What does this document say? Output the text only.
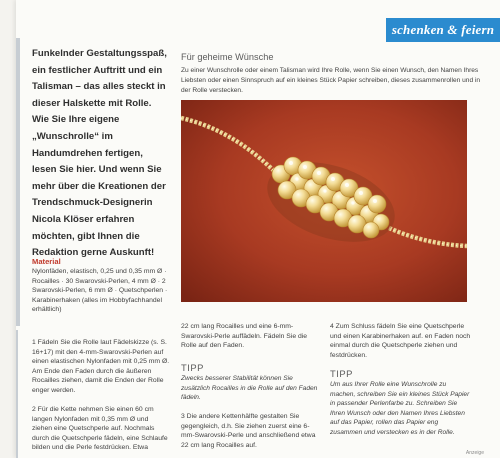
schenken & feiern
Funkelnder Gestaltungsspaß, ein festlicher Auftritt und ein Talisman – das alles steckt in dieser Halskette mit Rolle. Wie Sie Ihre eigene „Wunschrolle“ im Handumdrehen fertigen, lesen Sie hier. Und wenn Sie mehr über die Kreationen der Trendschmuck-Designerin Nicola Klöser erfahren möchten, gibt Ihnen die Redaktion gerne Auskunft!
Material
Nylonfäden, elastisch, 0,25 und 0,35 mm Ø · Rocailles · 30 Swarovski-Perlen, 4 mm Ø · 2 Swarovski-Perlen, 6 mm Ø · Quetschperlen · Karabinerhaken (alles im Hobbyfachhandel erhältlich)
1 Fädeln Sie die Rolle laut Fädelskizze (s. S. 16+17) mit den 4-mm-Swarovski-Perlen auf einen elastischen Nylonfaden mit 0,25 mm Ø. Am Ende den Faden durch die äußeren Rocailles ziehen, damit die Enden der Rolle enger werden.
2 Für die Kette nehmen Sie einen 60 cm langen Nylonfaden mit 0,35 mm Ø und ziehen eine Quetschperle auf. Nochmals durch die Quetschperle fädeln, eine Schlaufe bilden und die Perle festdrücken. Etwa
Für geheime Wünsche
Zu einer Wunschrolle oder einem Talisman wird Ihre Rolle, wenn Sie einen Wunsch, den Namen Ihres Liebsten oder einen Sinnspruch auf ein kleines Stück Papier schreiben, dieses zusammenrollen und in der Rolle verstecken.
22 cm lang Rocailles und eine 6-mm-Swarovski-Perle auffädeln. Fädeln Sie die Rolle auf den Faden.
TIPP
Zwecks besserer Stabilität können Sie zusätzlich Rocailles in die Rolle auf den Faden fädeln.
3 Die andere Kettenhälfte gestalten Sie gegengleich, d.h. Sie ziehen zuerst eine 6-mm-Swarovski-Perle und anschließend etwa 22 cm lang Rocailles auf.
4 Zum Schluss fädeln Sie eine Quetschperle und einen Karabinerhaken auf. en Faden noch einmal durch die Quetschperle ziehen und festdrücken.
TIPP
Um aus Ihrer Rolle eine Wunschrolle zu machen, schreiben Sie ein kleines Stück Papier in passender Perlenfarbe zu. Schreiben Sie Ihren Wunsch oder den Namen Ihres Liebsten auf das Papier, rollen das Papier eng zusammen und verstecken es in der Rolle.
Anzeige
